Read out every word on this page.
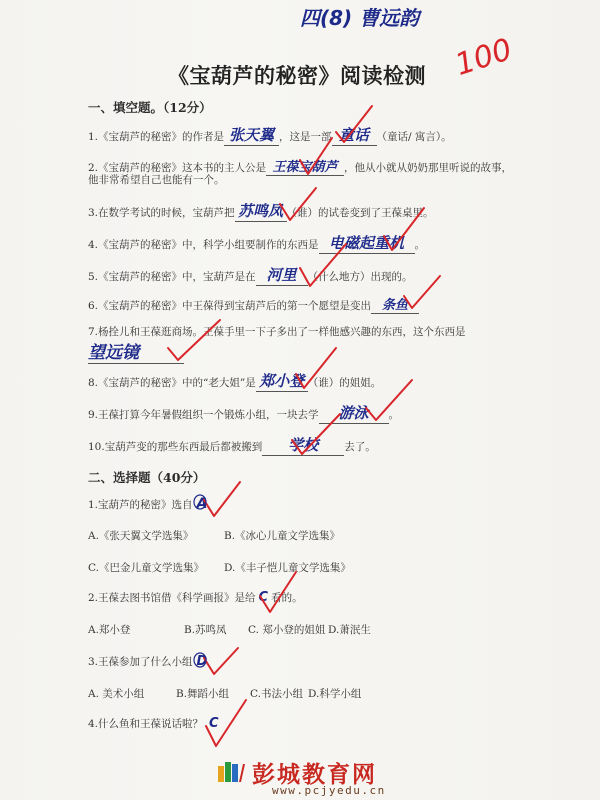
四(8) 曹远韵
100
《宝葫芦的秘密》阅读检测
一、填空题。（12分）
1.《宝葫芦的秘密》的作者是 张天翼 ，这是一部 童话 （童话/ 寓言）。
2.《宝葫芦的秘密》这本书的主人公是 王葆宝葫芦 ，他从小就从奶奶那里听说的故事，
他非常希望自己也能有一个。
3.在数学考试的时候，宝葫芦把 苏鸣凤 （谁）的试卷变到了王葆桌里。
4.《宝葫芦的秘密》中，科学小组要制作的东西是 电磁起重机 。
5.《宝葫芦的秘密》中，宝葫芦是在 河里 （什么地方）出现的。
6.《宝葫芦的秘密》中王葆得到宝葫芦后的第一个愿望是变出 条鱼
7.杨拴儿和王葆逛商场。王葆手里一下子多出了一样他感兴趣的东西，这个东西是
望远镜
8.《宝葫芦的秘密》中的“老大姐”是 郑小登 （谁）的姐姐。
9.王葆打算今年暑假组织一个锻炼小组，一块去学 游泳 。
10.宝葫芦变的那些东西最后都被搬到 学校 去了。
二、选择题（40分）
1.宝葫芦的秘密》选自 A
A.《张天翼文学选集》	B.《冰心儿童文学选集》
C.《巴金儿童文学选集》 D.《丰子恺儿童文学选集》
2.王葆去图书馆借《科学画报》是给 C 看的。
A.郑小登	B.苏鸣凤 C. 郑小登的姐姐 D.萧泯生
3.王葆参加了什么小组 D
A. 美术小组	B.舞蹈小组 C.书法小组 D.科学小组
4.什么鱼和王葆说话啦？ C
彭城教育网
www.pcjyedu.cn
